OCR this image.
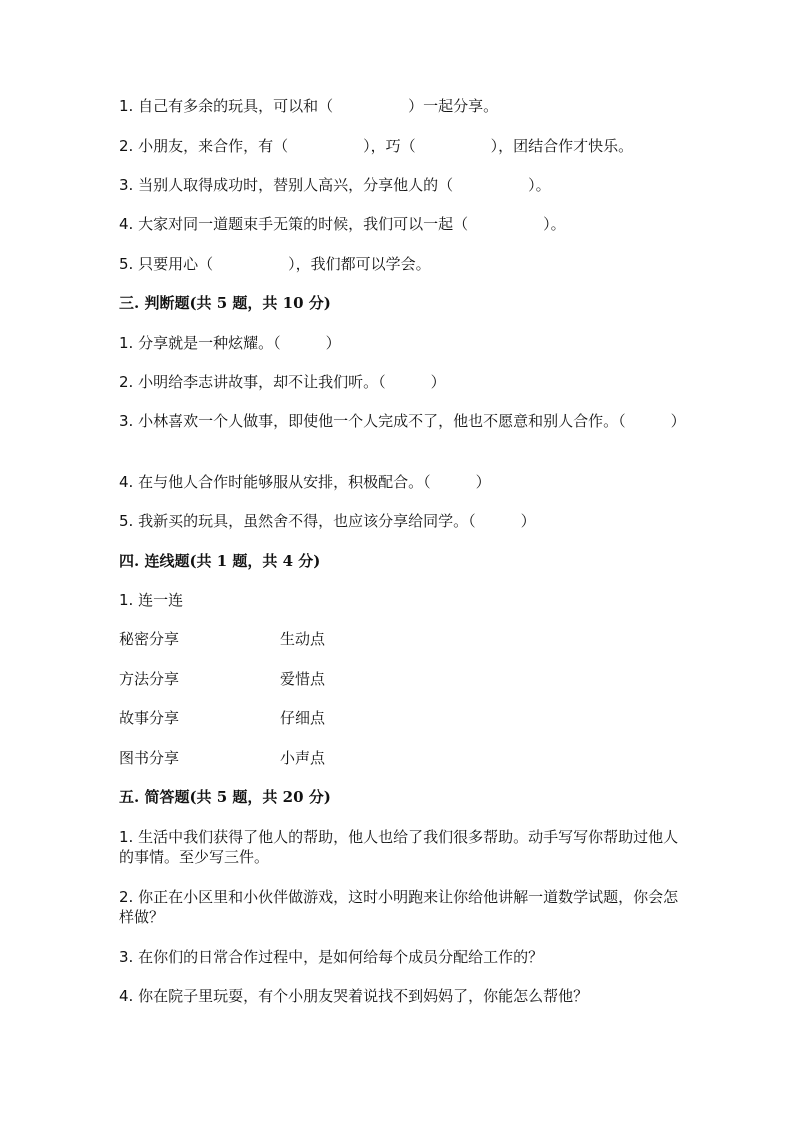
1. 自己有多余的玩具，可以和（　　　　　）一起分享。
2. 小朋友，来合作，有（　　　　　），巧（　　　　　），团结合作才快乐。
3. 当别人取得成功时，替别人高兴，分享他人的（　　　　　）。
4. 大家对同一道题束手无策的时候，我们可以一起（　　　　　）。
5. 只要用心（　　　　　），我们都可以学会。
三. 判断题(共 5 题，共 10 分)
1. 分享就是一种炫耀。（　　　）
2. 小明给李志讲故事，却不让我们听。（　　　）
3. 小林喜欢一个人做事，即使他一个人完成不了，他也不愿意和别人合作。（　　　）
4. 在与他人合作时能够服从安排，积极配合。（　　　）
5. 我新买的玩具，虽然舍不得，也应该分享给同学。（　　　）
四. 连线题(共 1 题，共 4 分)
1. 连一连
秘密分享	生动点
方法分享	爱惜点
故事分享	仔细点
图书分享	小声点
五. 简答题(共 5 题，共 20 分)
1. 生活中我们获得了他人的帮助，他人也给了我们很多帮助。动手写写你帮助过他人的事情。至少写三件。
2. 你正在小区里和小伙伴做游戏，这时小明跑来让你给他讲解一道数学试题，你会怎样做？
3. 在你们的日常合作过程中，是如何给每个成员分配给工作的？
4. 你在院子里玩耍，有个小朋友哭着说找不到妈妈了，你能怎么帮他？
